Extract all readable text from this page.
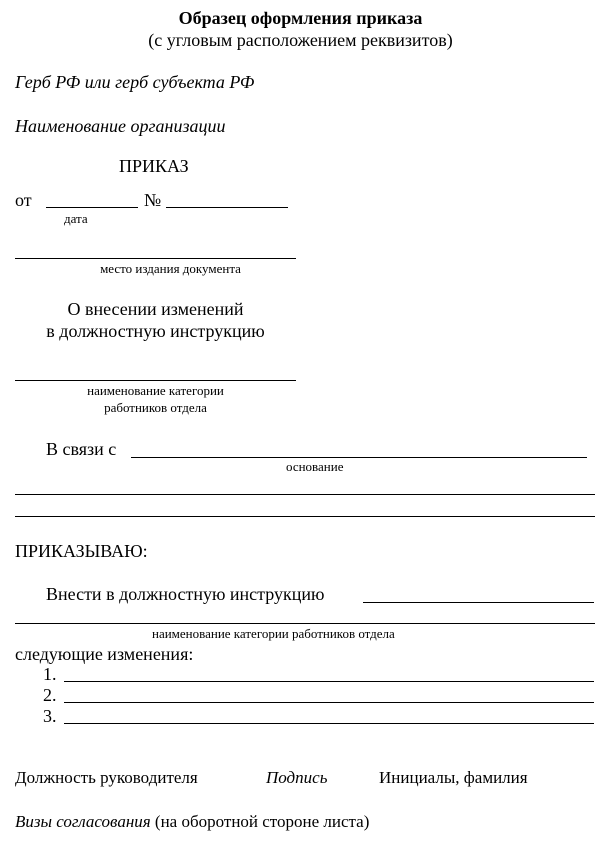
Образец оформления приказа
(с угловым расположением реквизитов)
Герб РФ или герб субъекта РФ
Наименование организации
ПРИКАЗ
от	№
дата
место издания документа
О внесении изменений
в должностную инструкцию
наименование категории
работников отдела
В связи с
основание
ПРИКАЗЫВАЮ:
Внести в должностную инструкцию
наименование категории работников отдела
следующие изменения:
1.
2.
3.
Должность руководителя	Подпись	Инициалы, фамилия
Визы согласования (на оборотной стороне листа)
